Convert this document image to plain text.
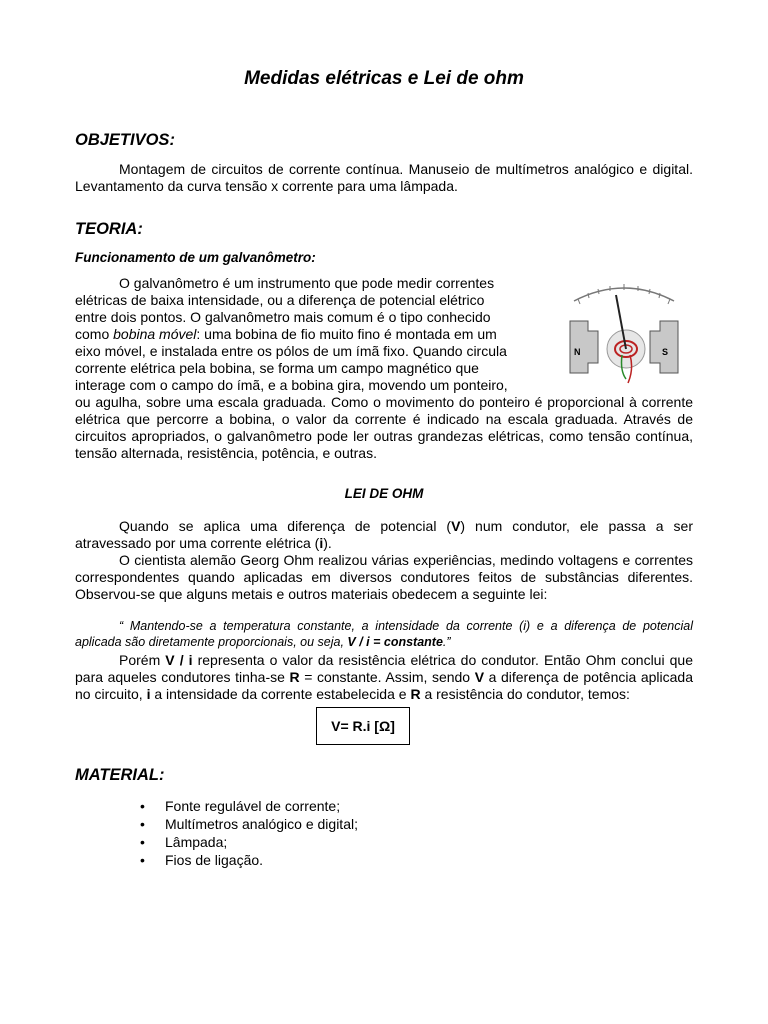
Medidas elétricas e Lei de ohm
OBJETIVOS:

Montagem de circuitos de corrente contínua. Manuseio de multímetros analógico e digital. Levantamento da curva tensão x corrente para uma lâmpada.

TEORIA:
Funcionamento de um galvanômetro:

O galvanômetro é um instrumento que pode medir correntes
elétricas de baixa intensidade, ou a diferença de potencial elétrico
entre dois pontos. O galvanômetro mais comum é o tipo conhecido
como bobina móvel: uma bobina de fio muito fino é montada em um
eixo móvel, e instalada entre os pólos de um ímã fixo. Quando circula
corrente elétrica pela bobina, se forma um campo magnético que
interage com o campo do ímã, e a bobina gira, movendo um ponteiro,

N	S

ou agulha, sobre uma escala graduada. Como o movimento do ponteiro é proporcional à corrente elétrica que percorre a bobina, o valor da corrente é indicado na escala graduada. Através de circuitos apropriados, o galvanômetro pode ler outras grandezas elétricas, como tensão contínua, tensão alternada, resistência, potência, e outras.

LEI DE OHM

Quando se aplica uma diferença de potencial (V) num condutor, ele passa a ser atravessado por uma corrente elétrica (i).

O cientista alemão Georg Ohm realizou várias experiências, medindo voltagens e correntes correspondentes quando aplicadas em diversos condutores feitos de substâncias diferentes. Observou-se que alguns metais e outros materiais obedecem a seguinte lei:

“ Mantendo-se a temperatura constante, a intensidade da corrente (i) e a diferença de potencial aplicada são diretamente proporcionais, ou seja, V / i = constante.”

Porém V / i representa o valor da resistência elétrica do condutor. Então Ohm conclui que para aqueles condutores tinha-se R = constante. Assim, sendo V a diferença de potência aplicada no circuito, i a intensidade da corrente estabelecida e R a resistência do condutor, temos:

V= R.i [Ω]
MATERIAL:
• Fonte regulável de corrente;
• Multímetros analógico e digital;
• Lâmpada;
• Fios de ligação.
